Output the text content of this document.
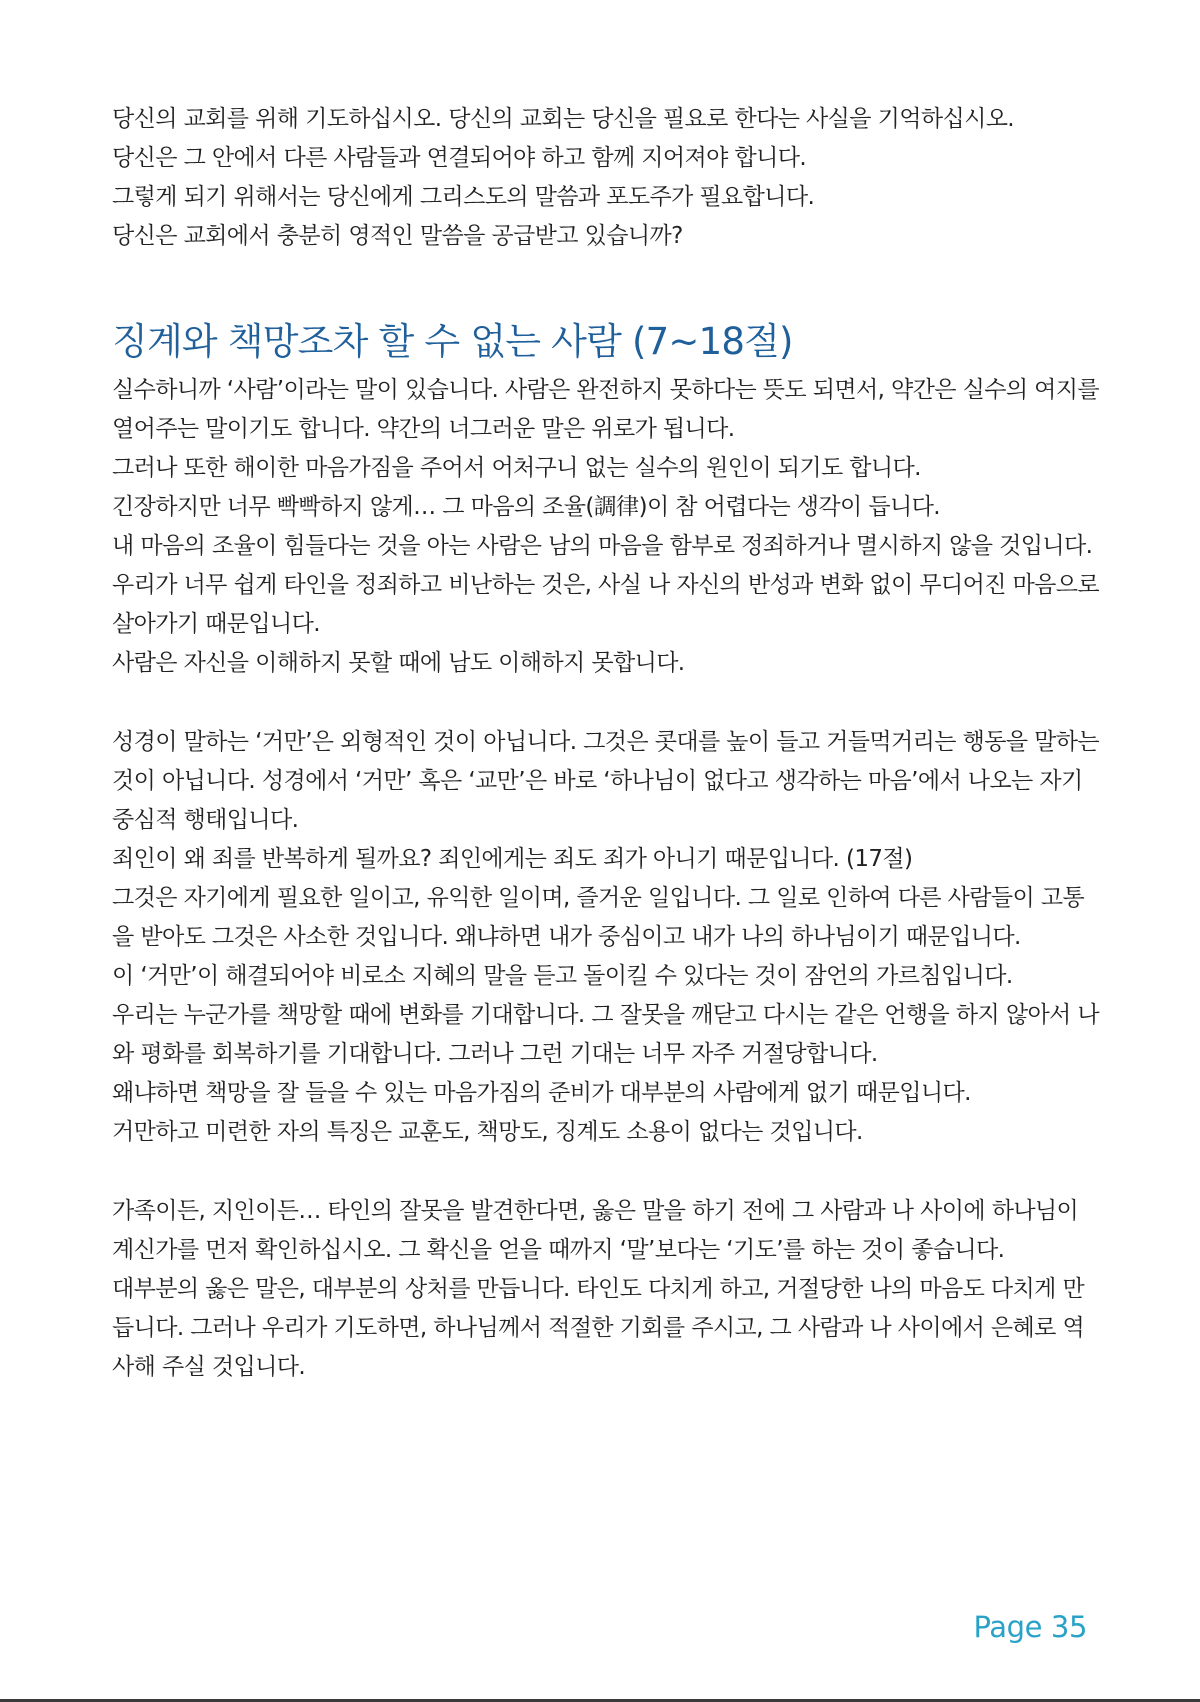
당신의 교회를 위해 기도하십시오. 당신의 교회는 당신을 필요로 한다는 사실을 기억하십시오.

당신은 그 안에서 다른 사람들과 연결되어야 하고 함께 지어져야 합니다.

그렇게 되기 위해서는 당신에게 그리스도의 말씀과 포도주가 필요합니다.

당신은 교회에서 충분히 영적인 말씀을 공급받고 있습니까?

징계와 책망조차 할 수 없는 사람 (7~18절)

실수하니까 ‘사람’이라는 말이 있습니다. 사람은 완전하지 못하다는 뜻도 되면서, 약간은 실수의 여지를 열어주는 말이기도 합니다. 약간의 너그러운 말은 위로가 됩니다.

그러나 또한 해이한 마음가짐을 주어서 어처구니 없는 실수의 원인이 되기도 합니다.

긴장하지만 너무 빡빡하지 않게… 그 마음의 조율(調律)이 참 어렵다는 생각이 듭니다.

내 마음의 조율이 힘들다는 것을 아는 사람은 남의 마음을 함부로 정죄하거나 멸시하지 않을 것입니다.

우리가 너무 쉽게 타인을 정죄하고 비난하는 것은, 사실 나 자신의 반성과 변화 없이 무디어진 마음으로 살아가기 때문입니다.

사람은 자신을 이해하지 못할 때에 남도 이해하지 못합니다.

성경이 말하는 ‘거만’은 외형적인 것이 아닙니다. 그것은 콧대를 높이 들고 거들먹거리는 행동을 말하는 것이 아닙니다. 성경에서 ‘거만’ 혹은 ‘교만’은 바로 ‘하나님이 없다고 생각하는 마음’에서 나오는 자기 중심적 행태입니다.

죄인이 왜 죄를 반복하게 될까요? 죄인에게는 죄도 죄가 아니기 때문입니다. (17절)

그것은 자기에게 필요한 일이고, 유익한 일이며, 즐거운 일입니다. 그 일로 인하여 다른 사람들이 고통을 받아도 그것은 사소한 것입니다. 왜냐하면 내가 중심이고 내가 나의 하나님이기 때문입니다.

이 ‘거만’이 해결되어야 비로소 지혜의 말을 듣고 돌이킬 수 있다는 것이 잠언의 가르침입니다.

우리는 누군가를 책망할 때에 변화를 기대합니다. 그 잘못을 깨닫고 다시는 같은 언행을 하지 않아서 나와 평화를 회복하기를 기대합니다. 그러나 그런 기대는 너무 자주 거절당합니다.

왜냐하면 책망을 잘 들을 수 있는 마음가짐의 준비가 대부분의 사람에게 없기 때문입니다.

거만하고 미련한 자의 특징은 교훈도, 책망도, 징계도 소용이 없다는 것입니다.

가족이든, 지인이든… 타인의 잘못을 발견한다면, 옳은 말을 하기 전에 그 사람과 나 사이에 하나님이 계신가를 먼저 확인하십시오. 그 확신을 얻을 때까지 ‘말’보다는 ‘기도’를 하는 것이 좋습니다.

대부분의 옳은 말은, 대부분의 상처를 만듭니다. 타인도 다치게 하고, 거절당한 나의 마음도 다치게 만듭니다. 그러나 우리가 기도하면, 하나님께서 적절한 기회를 주시고, 그 사람과 나 사이에서 은혜로 역사해 주실 것입니다.

Page 35
